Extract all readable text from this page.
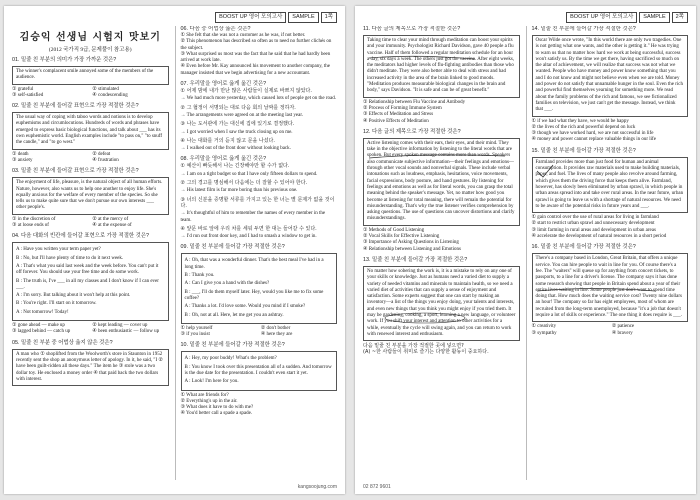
BOOST UP 영어 모의고사	SAMPLE	1쪽
김승익 선생님 시험지 맛보기
(2012 국가직 9급, 문제풀이 참고용)
01. 밑줄 친 부분의 의미가 가장 가까운 것은?
The winner's complacent smile annoyed some of the members of the audience.
① grateful	② stimulated
③ self-satisfied	④ condescending
02. 밑줄 친 부분에 들어갈 표현으로 가장 적절한 것은?
The usual way of coping with taboo words and notions is to develop euphemisms and circumlocutions. Hundreds of words and phrases have emerged to express basic biological functions, and talk about ___ has its own euphemistic world. English examples include "to pass on," "to snuff the candle," and "to go west."
① death	② defeat
③ anxiety	④ frustration
03. 밑줄 친 부분에 들어갈 표현으로 가장 적절한 것은?
The enjoyment of life, pleasure, is the natural object of all human efforts. Nature, however, also wants us to help one another to enjoy life. She's equally anxious for the welfare of every member of the species. So she tells us to make quite sure that we don't pursue our own interests ___ other people's.
① in the discretion of	② at the mercy of
③ at loose ends of	④ at the expense of
04. 다음 대화의 빈칸에 들어갈 표현으로 가장 적절한 것은?
A : Have you written your term paper yet?
B : No, but I'll have plenty of time to do it next week.
A : That's what you said last week and the week before. You can't put it off forever. You should use your free time and do some work.
B : The truth is, I've ___ in all my classes and I don't know if I can ever ___.
A : I'm sorry. But talking about it won't help at this point.
B : You're right. I'll start on it tomorrow.
A : Not tomorrow! Today!
① gone ahead — make up	② kept leading — cover up
③ lagged behind — catch up	④ been enthusiastic — follow up
05. 밑줄 친 부분 중 어법상 옳지 않은 것은?
A man who ① shoplifted from the Woolworth's store in Staunton in 1952 recently sent the shop an anonymous letter of apology. In it, he said, "I ② have been guilt-ridden all these days." The item he ③ stole was a two dollar toy. He enclosed a money order ④ that paid back the two dollars with interest.
06. 다음 중 어법상 옳은 것은?
① She felt that she was not a customer as he was, if not better.
② This phenomenon has described so often as to need no further clichés on the subject.
③ What surprised us most was the fact that he said that he had hardly been arrived at work late.
④ Even before Mr. Kay announced his movement to another company, the manager insisted that we begin advertising for a new accountant.
07. 우리말을 영어로 옳게 옮긴 것은?
① 어제 밤에 내가 만난 많은 사람들이 실제로 바쁘지 않았다.
→ We had much more yesterday, which caused lots of people get on the road.
② 그 협정이 서명되는 대로 다음 회의 날짜를 정하자.
→ The arrangements were agreed on at the meeting last year.
③ 나는 도서관에 가는 대신에 집에 있기로 결정했다.
→ I got worried when I saw the truck closing up on me.
④ 나는 대화를 거의 듣지 않고 문을 나섰다.
→ I walked out of the front door without looking back.
08. 우리말을 영어로 옳게 옮긴 것은?
① 예산이 빠듯해서 나는 긴장해야만 할 수가 없다.
→ I am on a tight budget so that I have only fifteen dollars to spend.
② 그의 경고를 명심해서 다음에는 더 잘할 수 있어야 한다.
→ His latest film is far more boring than his previous one.
③ 너의 신분을 증명할 서류를 가지고 있는 한 너는 별 문제가 없을 것이다.
→ It's thoughtful of him to remember the names of every member in the team.
④ 앞문 바로 앞에 우리 차를 세워 두면 한 대는 들어갈 수 있다.
→ I'd run out front door key, and I had to smash a window to get in.
09. 밑줄 친 부분에 들어갈 가장 적절한 것은?
A : Oh, that was a wonderful dinner. That's the best meal I've had in a long time.
B : Thank you.
A : Can I give you a hand with the dishes?
B : ___, I'll do them myself later. Hey, would you like me to fix some coffee?
A : Thanks a lot. I'd love some. Would you mind if I smoke?
B : Oh, not at all. Here, let me get you an ashtray.
① help yourself	② don't bother
③ if you insist	④ here they are
10. 밑줄 친 부분에 들어갈 가장 적절한 것은?
A : Hey, my poor buddy! What's the problem?
B : You know I took over this presentation all of a sudden. And tomorrow is the due date for the presentation. I couldn't even start it yet.
A : Look! I'm here for you.
① What are friends for?
② Everything's up in the air.
③ What does it have to do with me?
④ You'd better call a spade a spade.
kangsoojung.com
BOOST UP 영어 모의고사	SAMPLE	2쪽
11. 다음 글의 제목으로 가장 적절한 것은?
Taking time to clear your mind through meditation can boost your spirits and your immunity. Psychologist Richard Davidson, gave 40 people a flu vaccine. Half of them followed a regular meditation schedule for an hour a day, six days a week. The others just got the vaccine. After eight weeks, the meditators had higher levels of flu-fighting antibodies than those who didn't meditate. They were also better able to deal with stress and had increased activity in the area of the brain linked to good moods. "Meditation produces measurable biological changes in the brain and body," says Davidson. "It is safe and can be of great benefit."
① Relationship between Flu Vaccine and Antibody
② Process of Forming Immune System
③ Effects of Meditation and Stress
④ Positive Effects of Meditation
12. 다음 글의 제목으로 가장 적절한 것은?
Active listening comes with their ears, their eyes, and their mind. They take in the objective information by listening to the literal words that are spoken. But every spoken message contains more than words. Speakers also communicate subjective information—their feelings and emotions—through other vocal sounds and nonverbal signals. These include verbal intonations such as loudness, emphasis, hesitations, voice movements, facial expressions, body posture, and hand gestures. By listening for feelings and emotions as well as for literal words, you can grasp the total meaning behind the speaker's message. Yet, no matter how good you become at listening for total meaning, there will remain the potential for misunderstanding. That's why the true listener verifies comprehension by asking questions. The use of questions can uncover distortions and clarify misunderstandings.
① Methods of Good Listening
② Vocal Skills for Effective Listening
③ Importance of Asking Questions in Listening
④ Relationship between Listening and Emotions
13. 밑줄 친 부분에 들어갈 가장 적절한 것은?
No matter how sobering the work is, it is a mistake to rely on any one of your skills or knowledge. Just as humans need a varied diet to supply a variety of needed vitamins and minerals to maintain health, so we need a varied diet of activities that can supply a sense of enjoyment and satisfaction. Some experts suggest that one can start by making an inventory—a list of the things you enjoy doing, your talents and interests, and even new things that you think you might enjoy if you tried them. It may be gardening, cooking, a sport, learning a new language, or volunteer work. If you shift your interest and attention to other activities for a while, eventually the cycle will swing again, and you can return to work with renewed interest and enthusiasm.
다음 밑줄 친 부분을 가장 적절한 곳에 넣으면?
(A) ~한 사람들이 취미로 즐기는 다양한 활동이 중요하다.
14. 밑줄 친 부분에 들어갈 가장 적절한 것은?
Oscar Wilde once wrote, "In this world there are only two tragedies. One is not getting what one wants, and the other is getting it." He was trying to warn us that no matter how hard we work at being successful, success won't satisfy us. By the time we get there, having sacrificed so much on the altar of achievement, we will realize that success was not what we wanted. People who have money and power know something that you and I do not know and might not believe even when we are told. Money and power do not satisfy that unnamable hunger in the soul. Even the rich and powerful find themselves yearning for something more. We read about the family problems of the rich and famous, we see fictionalized families on television, we just can't get the message. Instead, we think that ___.
① if we had what they have, we would be happy
② the lives of the rich and powerful depend on luck
③ though we have worked hard, we are not successful in life
④ money and power cannot replace valuable things in our life
15. 밑줄 친 부분에 들어갈 가장 적절한 것은?
Farmland provides more than just food for human and animal consumption. It provides raw materials used to make building materials, paper, and fuel. The lives of many people also revolve around farming, which gives them the driving force that keeps them alive. Farmland, however, has slowly been eliminated by urban sprawl, in which people in urban areas spread into and take over rural areas. In the near future, urban sprawl is going to leave us with a shortage of natural resources. We need to be aware of the potential risks in future years and ___.
① gain control over the use of rural areas for living in farmland
② start to restrict urban sprawl and unnecessary development
③ limit farming in rural areas and development in urban areas
④ accelerate the development of natural resources in a short period
16. 밑줄 친 부분에 들어갈 가장 적절한 것은?
There's a company based in London, Great Britain, that offers a unique service. You can hire people to wait in line for you. Of course there's a fee. The "waiters" will queue up for anything from concert tickets, to passports, to a line for a driver's license. The company says it has done some research showing that people in Britain spend about a year of their entire lives waiting in line. Some people just don't want to spend time doing that. How much does the waiting service cost? Twenty nine dollars an hour! The company so far has eight employees, most of whom are recruited from the long-term unemployed, because "it's a job that doesn't require a lot of skills or experience." The one thing it does require is ___.
① creativity	② patience
③ sympathy	④ bravery
02 872 9601
